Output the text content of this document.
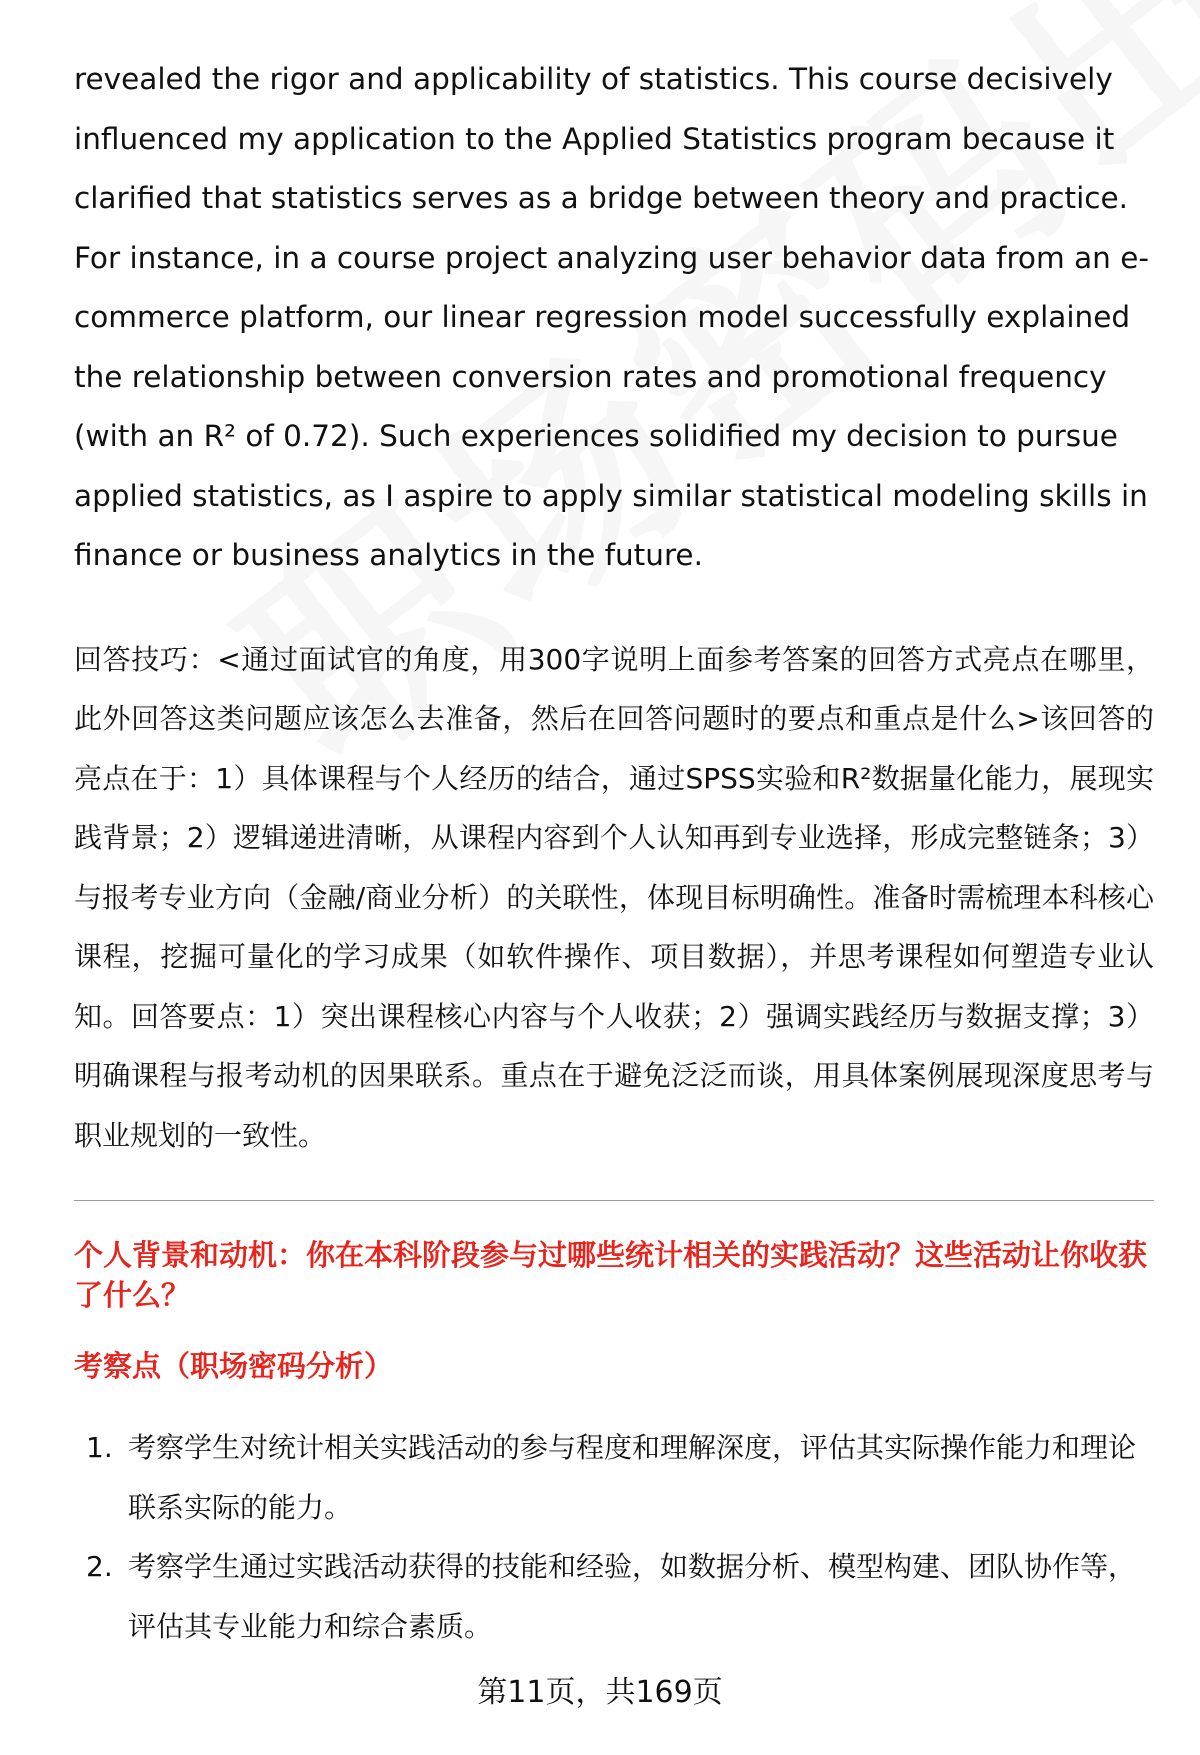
revealed the rigor and applicability of statistics. This course decisively influenced my application to the Applied Statistics program because it clarified that statistics serves as a bridge between theory and practice. For instance, in a course project analyzing user behavior data from an e-commerce platform, our linear regression model successfully explained the relationship between conversion rates and promotional frequency (with an R² of 0.72). Such experiences solidified my decision to pursue applied statistics, as I aspire to apply similar statistical modeling skills in finance or business analytics in the future.

回答技巧：<通过面试官的角度，用300字说明上面参考答案的回答方式亮点在哪里，此外回答这类问题应该怎么去准备，然后在回答问题时的要点和重点是什么>该回答的亮点在于：1）具体课程与个人经历的结合，通过SPSS实验和R²数据量化能力，展现实践背景；2）逻辑递进清晰，从课程内容到个人认知再到专业选择，形成完整链条；3）与报考专业方向（金融/商业分析）的关联性，体现目标明确性。准备时需梳理本科核心课程，挖掘可量化的学习成果（如软件操作、项目数据），并思考课程如何塑造专业认知。回答要点：1）突出课程核心内容与个人收获；2）强调实践经历与数据支撑；3）明确课程与报考动机的因果联系。重点在于避免泛泛而谈，用具体案例展现深度思考与职业规划的一致性。

个人背景和动机：你在本科阶段参与过哪些统计相关的实践活动？这些活动让你收获了什么？

考察点（职场密码分析）

1. 考察学生对统计相关实践活动的参与程度和理解深度，评估其实际操作能力和理论联系实际的能力。
2. 考察学生通过实践活动获得的技能和经验，如数据分析、模型构建、团队协作等，评估其专业能力和综合素质。
第11页，共169页
